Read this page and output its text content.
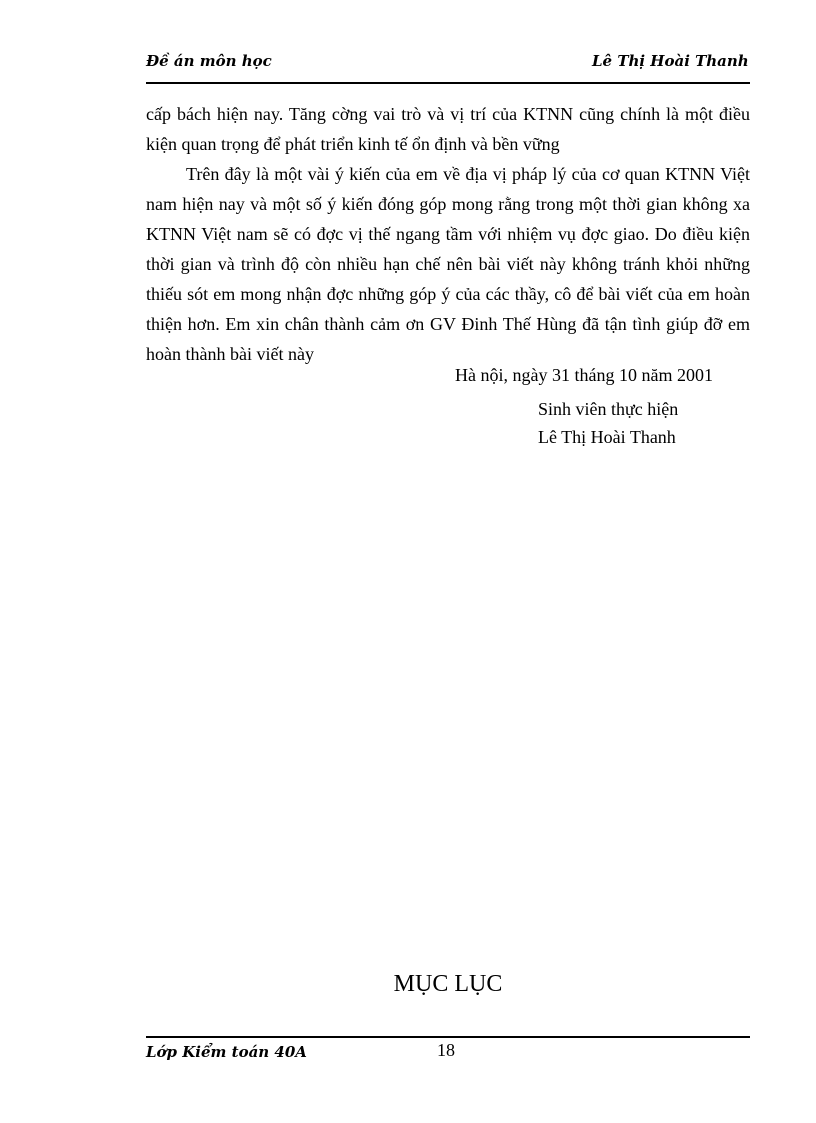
Đề án môn học	Lê Thị Hoài Thanh

cấp bách hiện nay. Tăng cờng vai trò và vị trí của KTNN cũng chính là một điều kiện quan trọng để phát triển kinh tế ổn định và bền vững

Trên đây là một vài ý kiến của em về địa vị pháp lý của cơ quan KTNN Việt nam hiện nay và một số ý kiến đóng góp mong rằng trong một thời gian không xa KTNN Việt nam sẽ có đợc vị thế ngang tầm với nhiệm vụ đợc giao. Do điều kiện thời gian và trình độ còn nhiều hạn chế nên bài viết này không tránh khỏi những thiếu sót em mong nhận đợc những góp ý của các thầy, cô để bài viết của em hoàn thiện hơn. Em xin chân thành cảm ơn GV Đinh Thế Hùng đã tận tình giúp đỡ em hoàn thành bài viết này

Hà nội, ngày 31 tháng 10 năm 2001
Sinh viên thực hiện
Lê Thị Hoài Thanh
MỤC LỤC
Lớp Kiểm toán 40A	18
